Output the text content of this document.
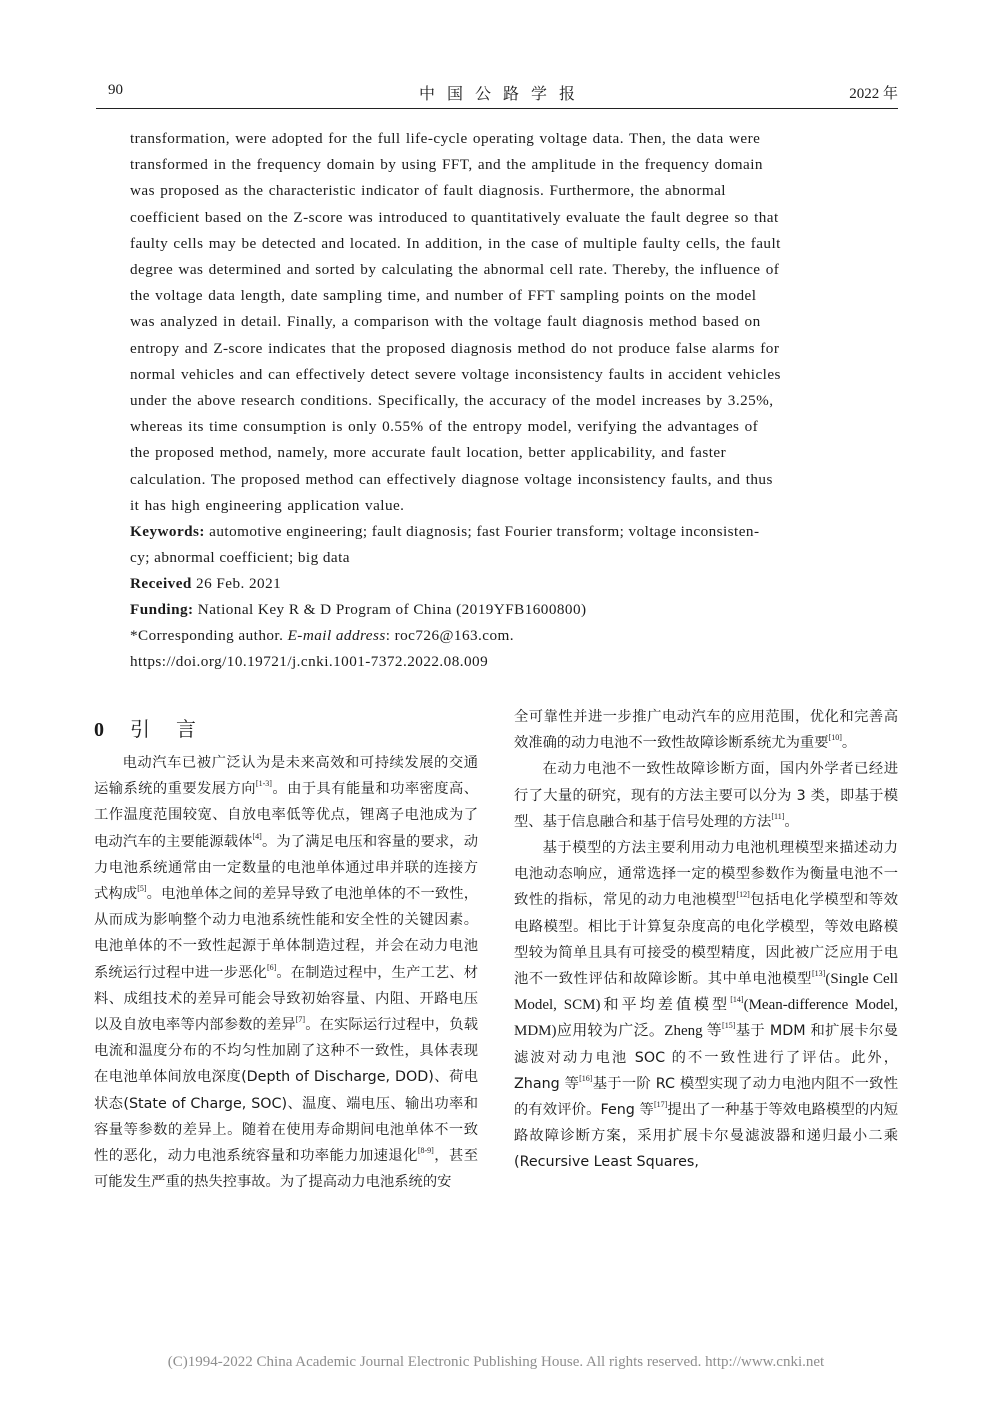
90	中国公路学报	2022 年

transformation, were adopted for the full life-cycle operating voltage data. Then, the data were
transformed in the frequency domain by using FFT, and the amplitude in the frequency domain
was proposed as the characteristic indicator of fault diagnosis. Furthermore, the abnormal
coefficient based on the Z-score was introduced to quantitatively evaluate the fault degree so that
faulty cells may be detected and located. In addition, in the case of multiple faulty cells, the fault
degree was determined and sorted by calculating the abnormal cell rate. Thereby, the influence of
the voltage data length, date sampling time, and number of FFT sampling points on the model
was analyzed in detail. Finally, a comparison with the voltage fault diagnosis method based on
entropy and Z-score indicates that the proposed diagnosis method do not produce false alarms for
normal vehicles and can effectively detect severe voltage inconsistency faults in accident vehicles
under the above research conditions. Specifically, the accuracy of the model increases by 3.25%,
whereas its time consumption is only 0.55% of the entropy model, verifying the advantages of
the proposed method, namely, more accurate fault location, better applicability, and faster
calculation. The proposed method can effectively diagnose voltage inconsistency faults, and thus
it has high engineering application value.

Keywords: automotive engineering; fault diagnosis; fast Fourier transform; voltage inconsisten-
cy; abnormal coefficient; big data
Received 26 Feb. 2021
Funding: National Key R & D Program of China (2019YFB1600800)
*Corresponding author. E-mail address: roc726@163.com.
https://doi.org/10.19721/j.cnki.1001-7372.2022.08.009
0 引言

电动汽车已被广泛认为是未来高效和可持续发展的交通运输系统的重要发展方向[1-3]。由于具有能量和功率密度高、工作温度范围较宽、自放电率低等优点，锂离子电池成为了电动汽车的主要能源载体[4]。为了满足电压和容量的要求，动力电池系统通常由一定数量的电池单体通过串并联的连接方式构成[5]。电池单体之间的差异导致了电池单体的不一致性，从而成为影响整个动力电池系统性能和安全性的关键因素。电池单体的不一致性起源于单体制造过程，并会在动力电池系统运行过程中进一步恶化[6]。在制造过程中，生产工艺、材料、成组技术的差异可能会导致初始容量、内阻、开路电压以及自放电率等内部参数的差异[7]。在实际运行过程中，负载电流和温度分布的不均匀性加剧了这种不一致性，具体表现在电池单体间放电深度(Depth of Discharge, DOD)、荷电状态(State of Charge, SOC)、温度、端电压、输出功率和容量等参数的差异上。随着在使用寿命期间电池单体不一致性的恶化，动力电池系统容量和功率能力加速退化[8-9]，甚至可能发生严重的热失控事故。为了提高动力电池系统的安

全可靠性并进一步推广电动汽车的应用范围，优化和完善高效准确的动力电池不一致性故障诊断系统尤为重要[10]。

在动力电池不一致性故障诊断方面，国内外学者已经进行了大量的研究，现有的方法主要可以分为 3 类，即基于模型、基于信息融合和基于信号处理的方法[11]。

基于模型的方法主要利用动力电池机理模型来描述动力电池动态响应，通常选择一定的模型参数作为衡量电池不一致性的指标，常见的动力电池模型[12]包括电化学模型和等效电路模型。相比于计算复杂度高的电化学模型，等效电路模型较为简单且具有可接受的模型精度，因此被广泛应用于电池不一致性评估和故障诊断。其中单电池模型[13](Single Cell Model, SCM)和平均差值模型[14](Mean-difference Model, MDM)应用较为广泛。Zheng 等[15]基于 MDM 和扩展卡尔曼滤波对动力电池 SOC 的不一致性进行了评估。此外，Zhang 等[16]基于一阶 RC 模型实现了动力电池内阻不一致性的有效评价。Feng 等[17]提出了一种基于等效电路模型的内短路故障诊断方案，采用扩展卡尔曼滤波器和递归最小二乘(Recursive Least Squares,

(C)1994-2022 China Academic Journal Electronic Publishing House. All rights reserved. http://www.cnki.net
